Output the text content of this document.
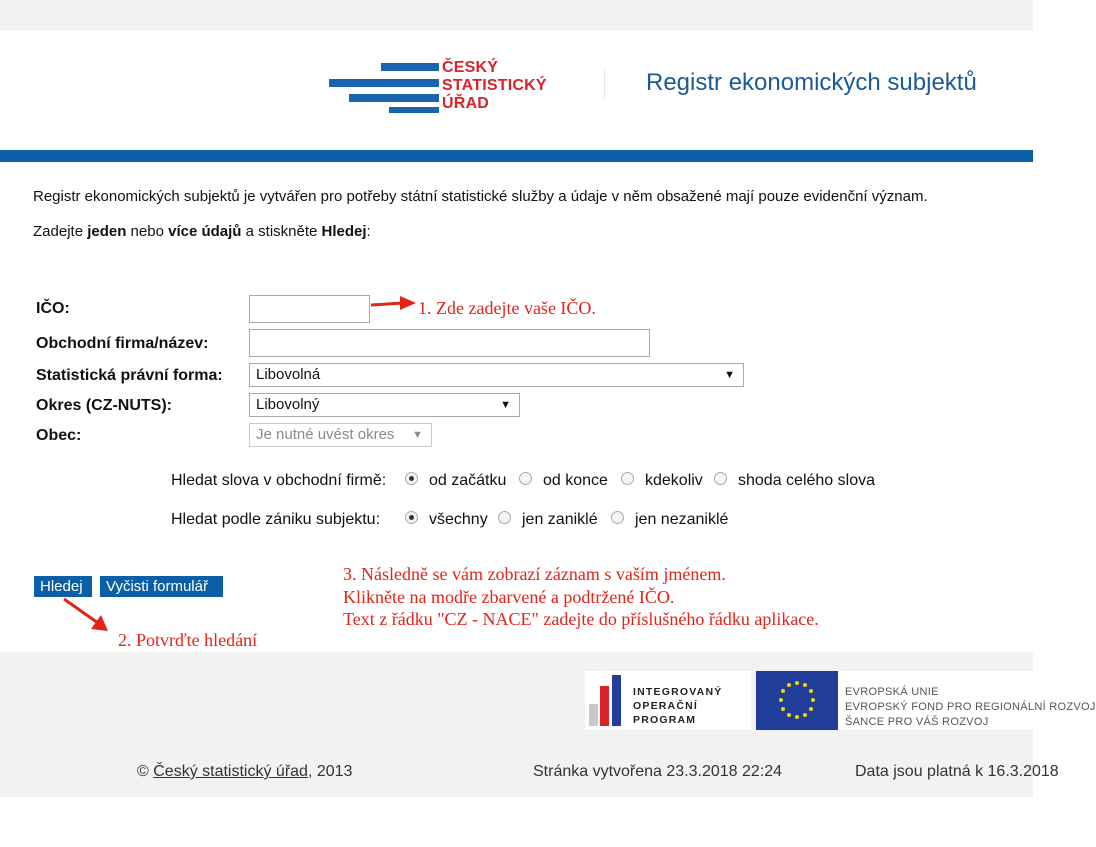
ČESKÝ
STATISTICKÝ
ÚŘAD
Registr ekonomických subjektů
Registr ekonomických subjektů je vytvářen pro potřeby státní statistické služby a údaje v něm obsažené mají pouze evidenční význam.
Zadejte jeden nebo více údajů a stiskněte Hledej:
IČO:
Obchodní firma/název:
Statistická právní forma:	Libovolná	▼
Okres (CZ-NUTS):	Libovolný	▼
Obec:	Je nutné uvést okres ▼
Hledat slova v obchodní firmě:	od začátku od konce kdekoliv shoda celého slova
Hledat podle zániku subjektu:	všechny jen zaniklé jen nezaniklé
Hledej	Vyčisti formulář
1. Zde zadejte vaše IČO.
2. Potvrďte hledání
3. Následně se vám zobrazí záznam s vaším jménem.
Klikněte na modře zbarvené a podtržené IČO.
Text z řádku "CZ - NACE" zadejte do příslušného řádku aplikace.
INTEGROVANÝ
OPERAČNÍ
PROGRAM
EVROPSKÁ UNIE
EVROPSKÝ FOND PRO REGIONÁLNÍ ROZVOJ
ŠANCE PRO VÁŠ ROZVOJ
© Český statistický úřad, 2013	Stránka vytvořena 23.3.2018 22:24	Data jsou platná k 16.3.2018
